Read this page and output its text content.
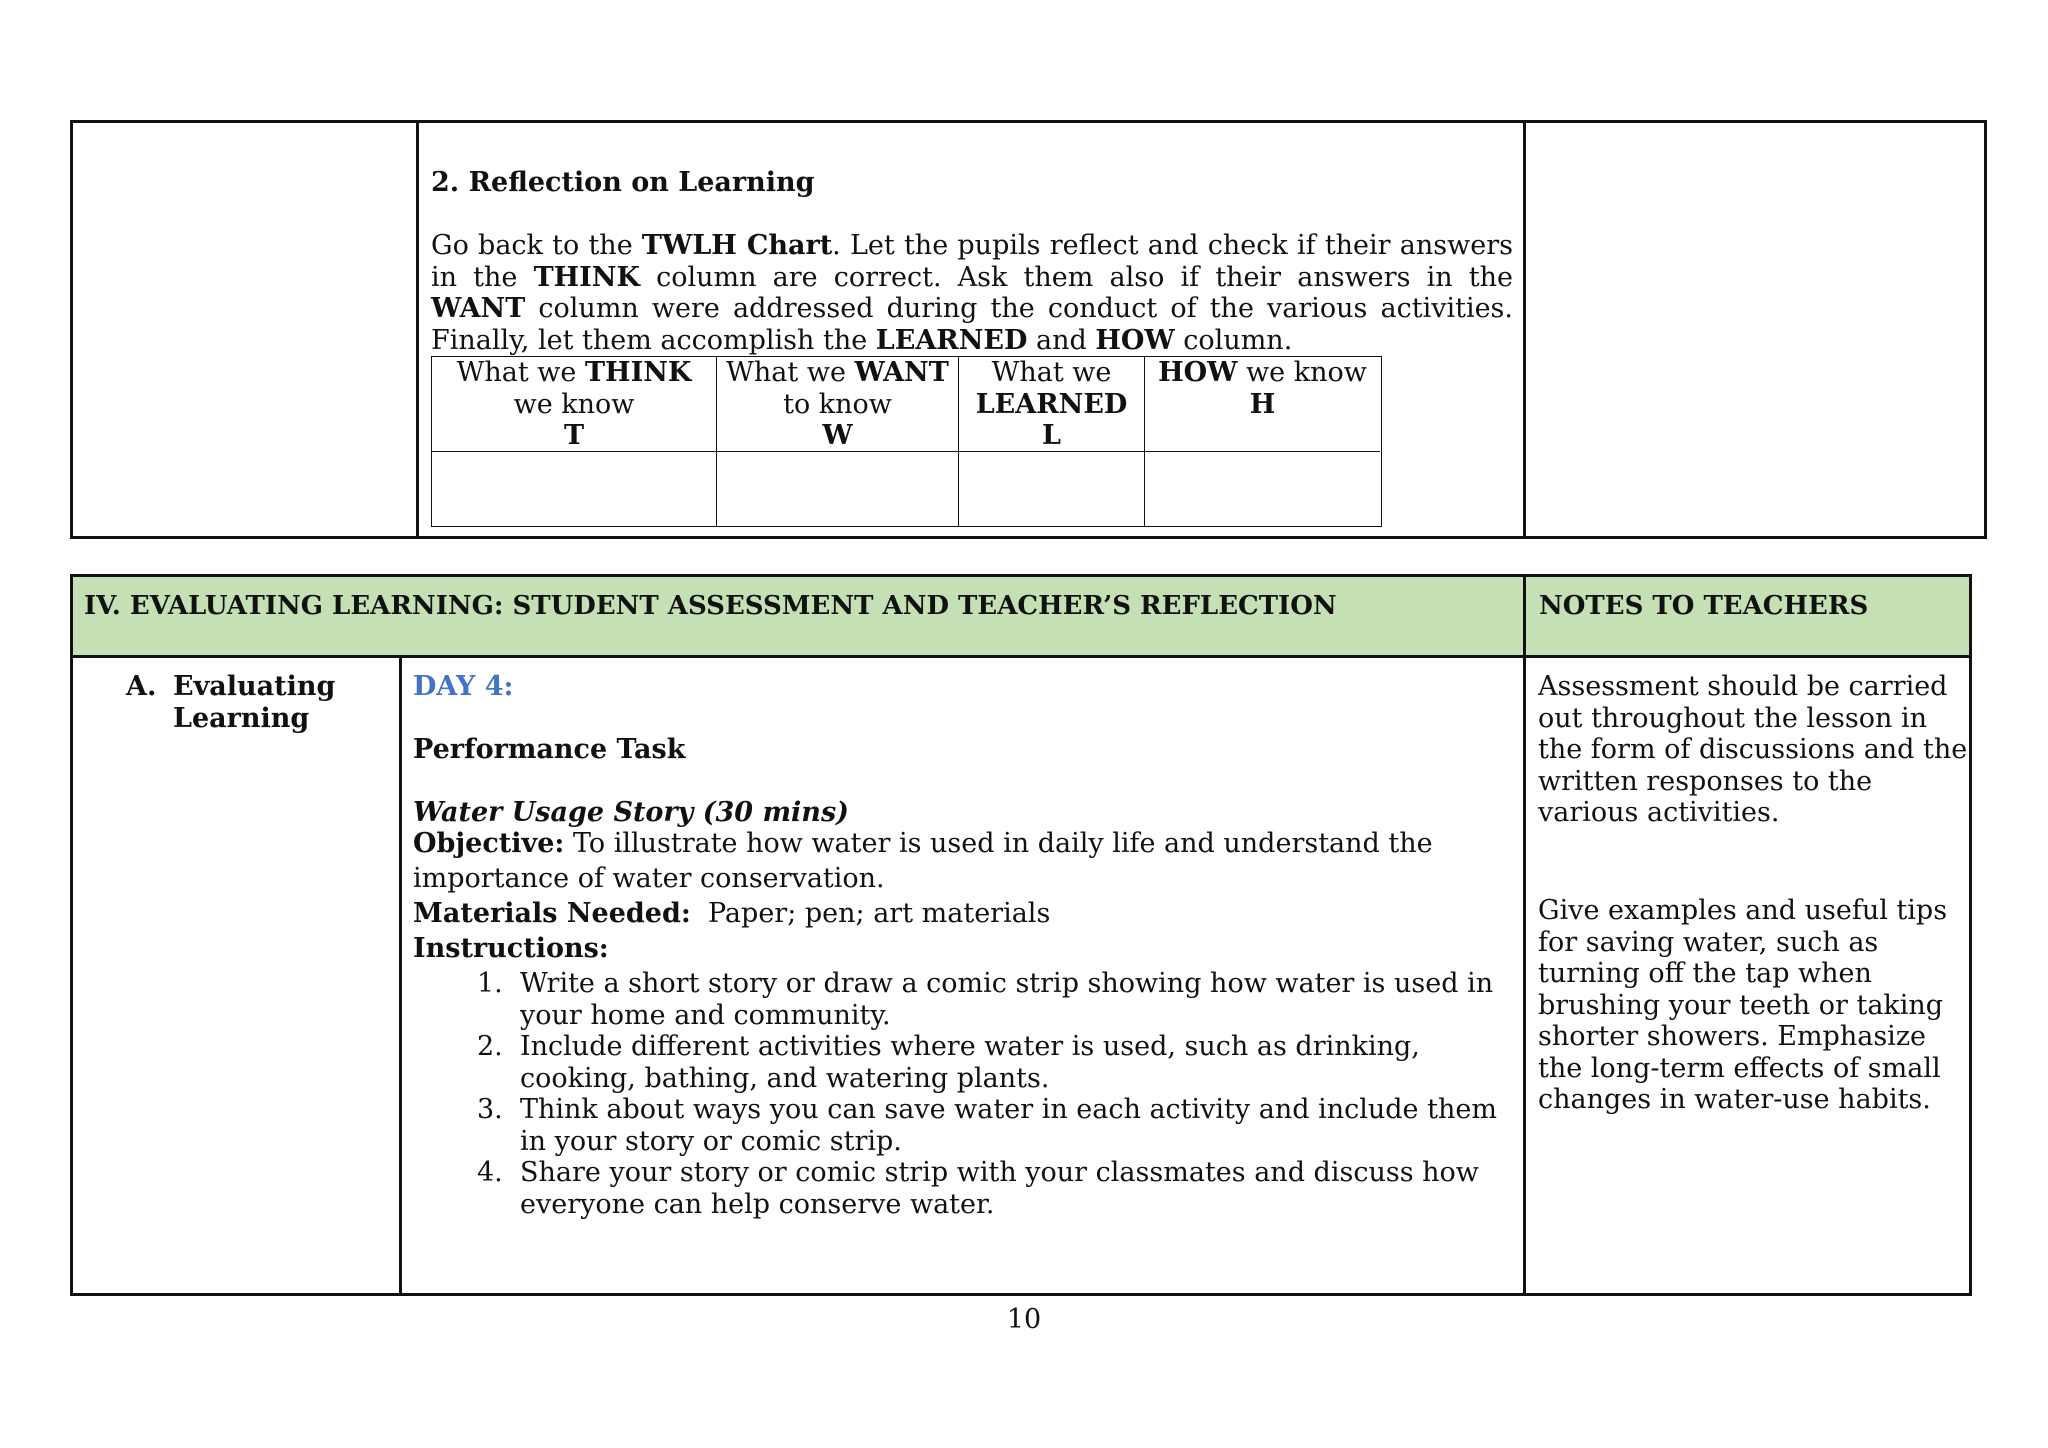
2. Reflection on Learning

Go back to the TWLH Chart. Let the pupils reflect and check if their answers in the THINK column are correct. Ask them also if their answers in the WANT column were addressed during the conduct of the various activities. Finally, let them accomplish the LEARNED and HOW column.

What we THINK
we know
T
What we WANT
to know
W
What we
LEARNED
L
HOW we know
H
IV. EVALUATING LEARNING: STUDENT ASSESSMENT AND TEACHER’S REFLECTION	NOTES TO TEACHERS
A. Evaluating Learning
DAY 4:
Performance Task
Water Usage Story (30 mins)
Objective: To illustrate how water is used in daily life and understand the
importance of water conservation.
Materials Needed:  Paper; pen; art materials
Instructions:
1. Write a short story or draw a comic strip showing how water is used in your home and community.
2. Include different activities where water is used, such as drinking, cooking, bathing, and watering plants.
3. Think about ways you can save water in each activity and include them in your story or comic strip.
4. Share your story or comic strip with your classmates and discuss how everyone can help conserve water.

Assessment should be carried out throughout the lesson in the form of discussions and the written responses to the various activities.

Give examples and useful tips for saving water, such as turning off the tap when brushing your teeth or taking shorter showers. Emphasize the long-term effects of small changes in water-use habits.

10
